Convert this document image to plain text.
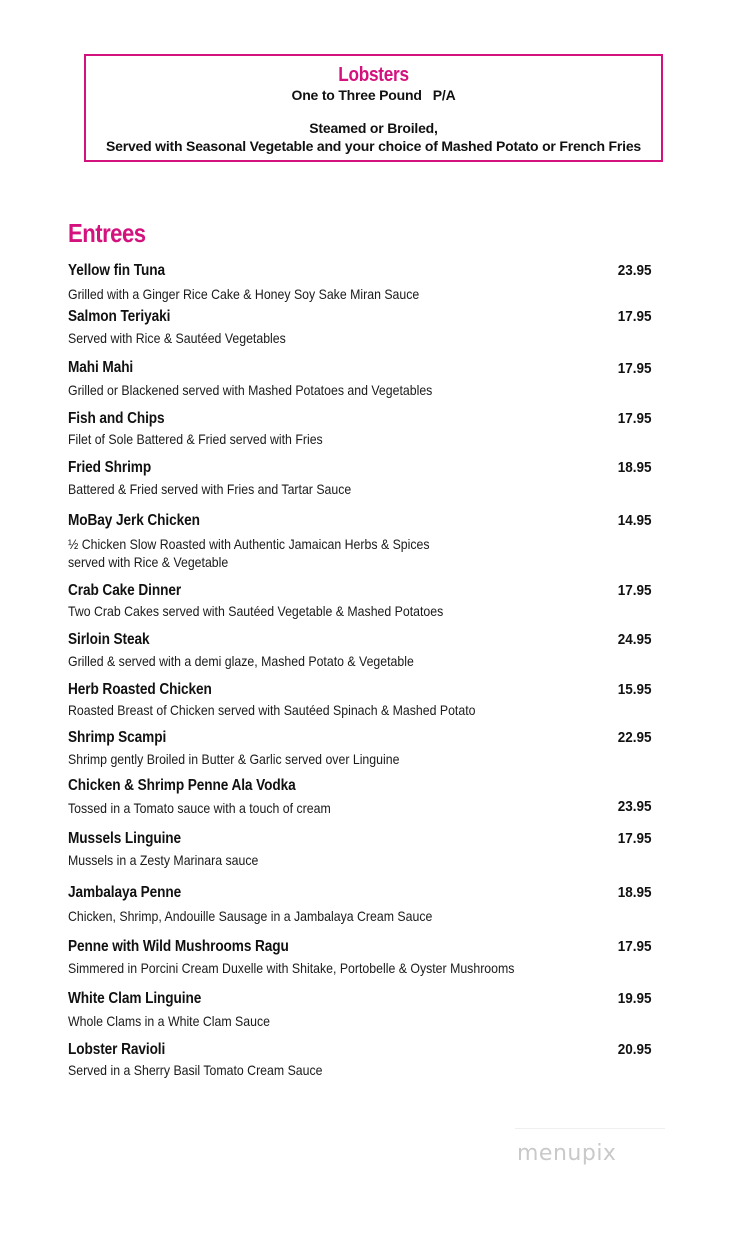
Lobsters
One to Three Pound   P/A
Steamed or Broiled,
Served with Seasonal Vegetable and your choice of Mashed Potato or French Fries
Entrees
Yellow fin Tuna
Grilled with a Ginger Rice Cake & Honey Soy Sake Miran Sauce
23.95
Salmon Teriyaki
Served with Rice & Sautéed Vegetables
17.95
Mahi Mahi
Grilled or Blackened served with Mashed Potatoes and Vegetables
17.95
Fish and Chips
Filet of Sole Battered & Fried served with Fries
17.95
Fried Shrimp
Battered & Fried served with Fries and Tartar Sauce
18.95
MoBay Jerk Chicken
½ Chicken Slow Roasted with Authentic Jamaican Herbs & Spices
served with Rice & Vegetable
14.95
Crab Cake Dinner
Two Crab Cakes served with Sautéed Vegetable & Mashed Potatoes
17.95
Sirloin Steak
Grilled & served with a demi glaze, Mashed Potato & Vegetable
24.95
Herb Roasted Chicken
Roasted Breast of Chicken served with Sautéed Spinach & Mashed Potato
15.95
Shrimp Scampi
Shrimp gently Broiled in Butter & Garlic served over Linguine
22.95
Chicken & Shrimp Penne Ala Vodka
Tossed in a Tomato sauce with a touch of cream	23.95
Mussels Linguine
Mussels in a Zesty Marinara sauce
17.95
Jambalaya Penne
Chicken, Shrimp, Andouille Sausage in a Jambalaya Cream Sauce
18.95
Penne with Wild Mushrooms Ragu
Simmered in Porcini Cream Duxelle with Shitake, Portobelle & Oyster Mushrooms
17.95
White Clam Linguine
Whole Clams in a White Clam Sauce
19.95
Lobster Ravioli
Served in a Sherry Basil Tomato Cream Sauce
20.95
menupix
